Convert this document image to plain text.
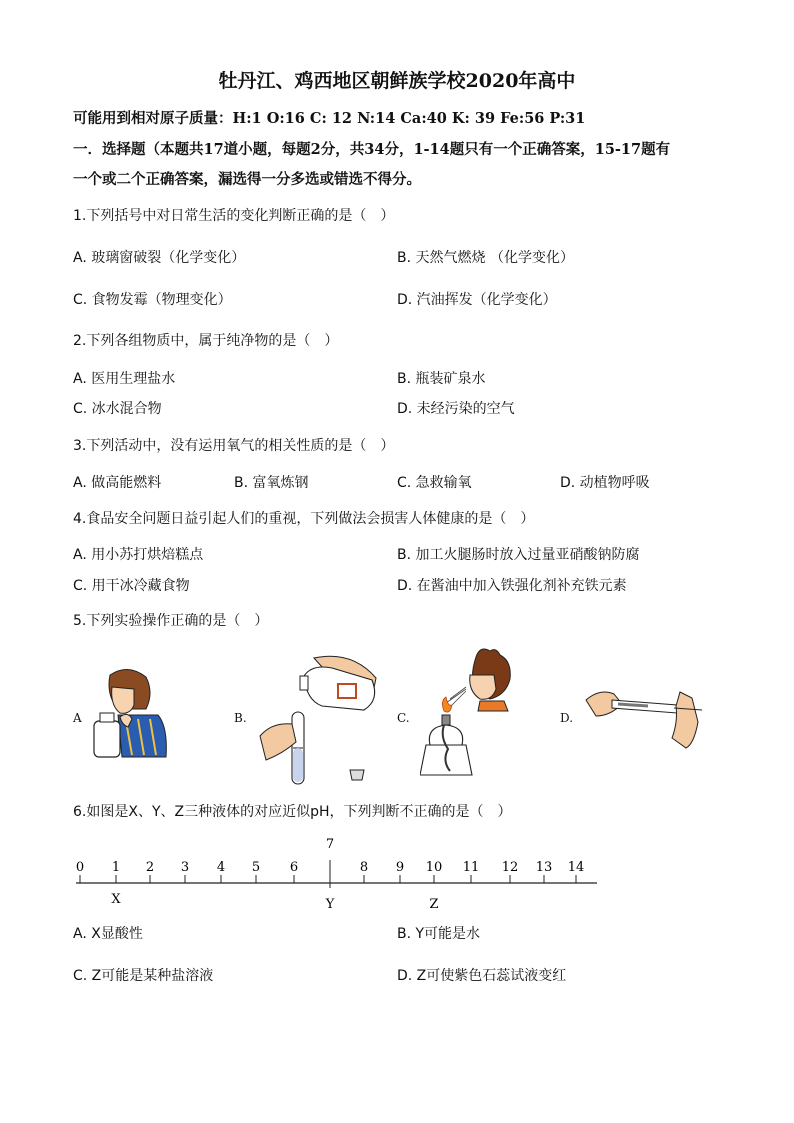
牡丹江、鸡西地区朝鲜族学校2020年高中
可能用到相对原子质量：H:1 O:16 C: 12 N:14 Ca:40 K: 39 Fe:56 P:31
一．选择题（本题共17道小题，每题2分，共34分，1-14题只有一个正确答案，15-17题有
一个或二个正确答案，漏选得一分多选或错选不得分。
1.下列括号中对日常生活的变化判断正确的是（　）
A. 玻璃窗破裂（化学变化）	B. 天然气燃烧 （化学变化）
C. 食物发霉（物理变化）	D. 汽油挥发（化学变化）
2.下列各组物质中，属于纯净物的是（　）
A. 医用生理盐水	B. 瓶装矿泉水
C. 冰水混合物	D. 未经污染的空气
3.下列活动中，没有运用氧气的相关性质的是（　）
A. 做高能燃料	B. 富氧炼钢	C. 急救输氧	D. 动植物呼吸
4.食品安全问题日益引起人们的重视，下列做法会损害人体健康的是（　）
A. 用小苏打烘焙糕点	B. 加工火腿肠时放入过量亚硝酸钠防腐
C. 用干冰冷藏食物	D. 在酱油中加入铁强化剂补充铁元素
5.下列实验操作正确的是（　）
A	B.	C.	D.
6.如图是X、Y、Z三种液体的对应近似pH，下列判断不正确的是（　）
0 1 2 3 4 5 6
7
8 9 10 11 12 13 14
X	Y	Z
A. X显酸性	B. Y可能是水
C. Z可能是某种盐溶液	D. Z可使紫色石蕊试液变红
